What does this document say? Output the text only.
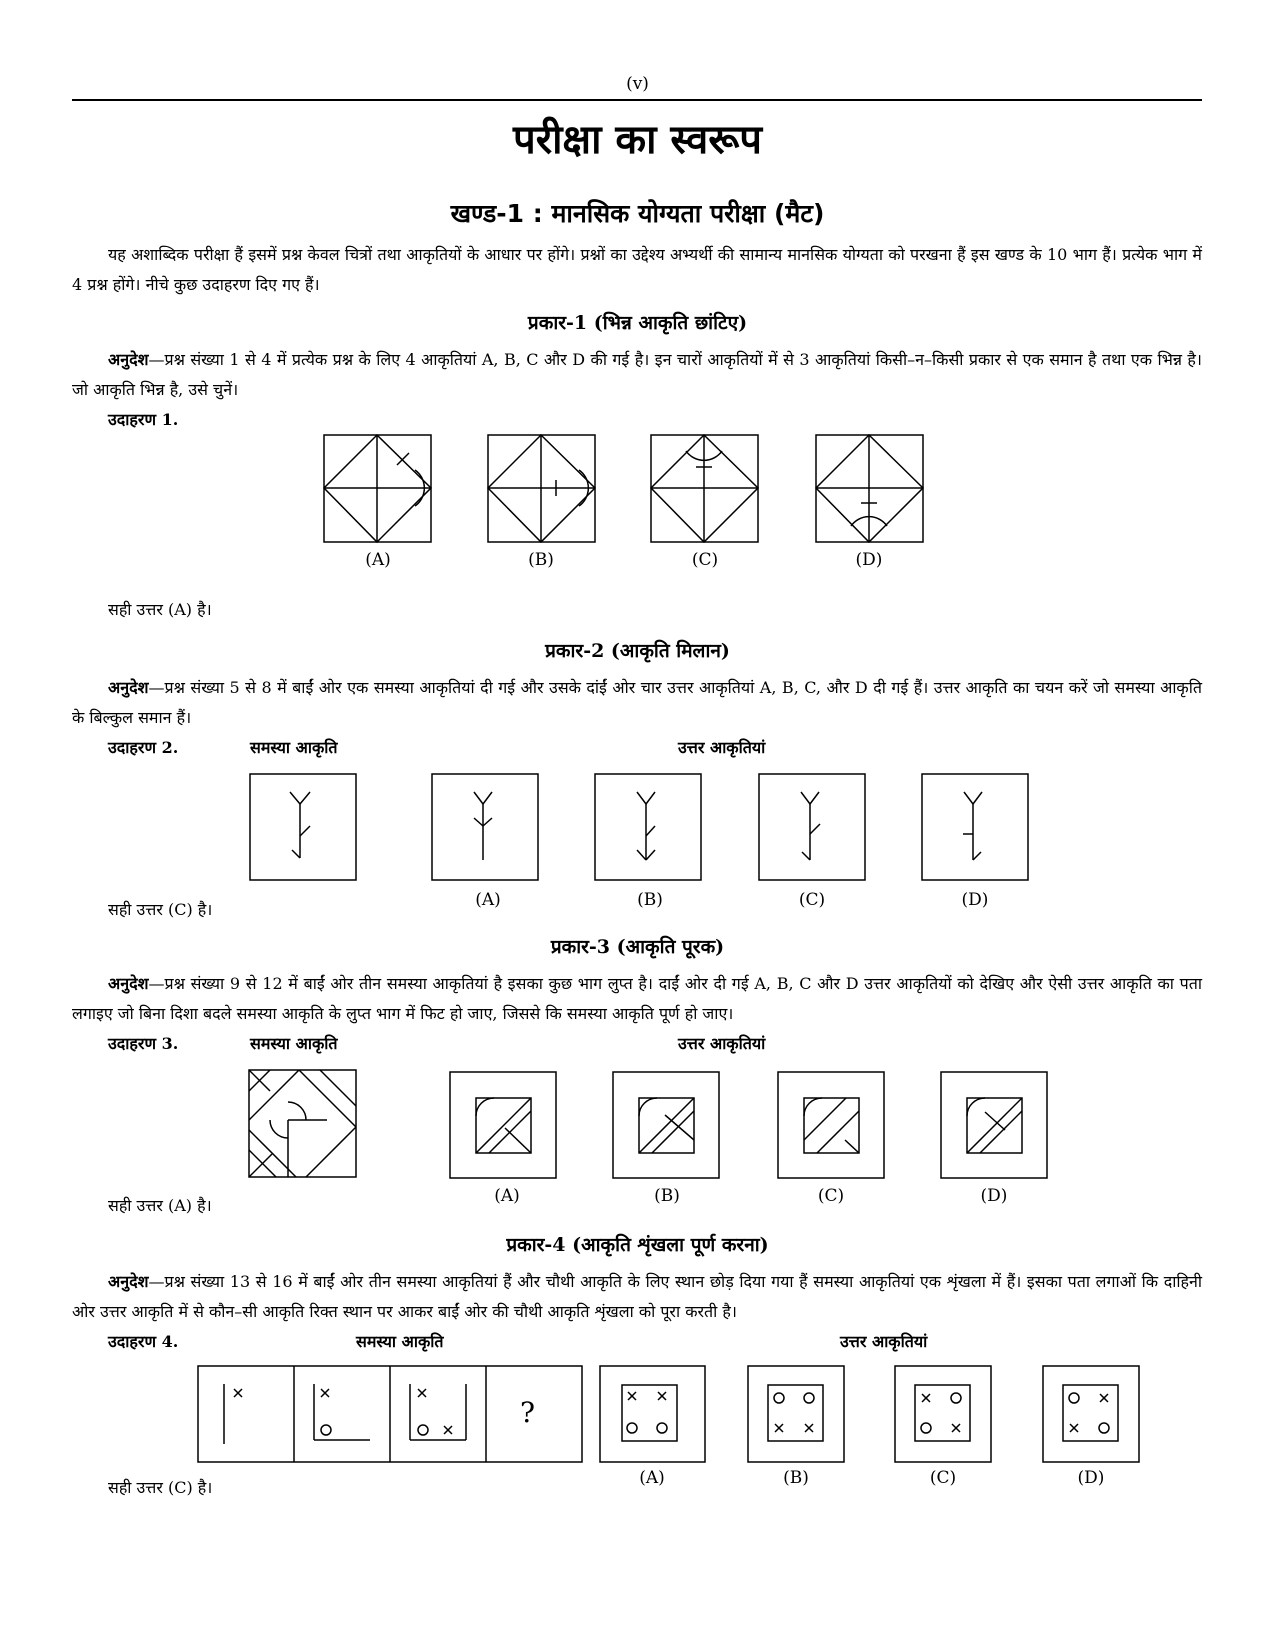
(v)
परीक्षा का स्वरूप
खण्ड-1 : मानसिक योग्यता परीक्षा (मैट)
यह अशाब्दिक परीक्षा हैं इसमें प्रश्न केवल चित्रों तथा आकृतियों के आधार पर होंगे। प्रश्नों का उद्देश्य अभ्यर्थी की सामान्य मानसिक योग्यता को परखना हैं इस खण्ड के 10 भाग हैं। प्रत्येक भाग में 4 प्रश्न होंगे। नीचे कुछ उदाहरण दिए गए हैं।
प्रकार-1 (भिन्न आकृति छांटिए)
अनुदेश—प्रश्न संख्या 1 से 4 में प्रत्येक प्रश्न के लिए 4 आकृतियां A, B, C और D की गई है। इन चारों आकृतियों में से 3 आकृतियां किसी–न–किसी प्रकार से एक समान है तथा एक भिन्न है। जो आकृति भिन्न है, उसे चुनें।
उदाहरण 1.
(A)	(B)	(C)	(D)
सही उत्तर (A) है।
प्रकार-2 (आकृति मिलान)
अनुदेश—प्रश्न संख्या 5 से 8 में बाईं ओर एक समस्या आकृतियां दी गई और उसके दांईं ओर चार उत्तर आकृतियां A, B, C, और D दी गई हैं। उत्तर आकृति का चयन करें जो समस्या आकृति के बिल्कुल समान हैं।
उदाहरण 2.	समस्या आकृति	उत्तर आकृतियां
(A)	(B)	(C)	(D)
सही उत्तर (C) है।
प्रकार-3 (आकृति पूरक)
अनुदेश—प्रश्न संख्या 9 से 12 में बाईं ओर तीन समस्या आकृतियां है इसका कुछ भाग लुप्त है। दाईं ओर दी गई A, B, C और D उत्तर आकृतियों को देखिए और ऐसी उत्तर आकृति का पता लगाइए जो बिना दिशा बदले समस्या आकृति के लुप्त भाग में फिट हो जाए, जिससे कि समस्या आकृति पूर्ण हो जाए।
उदाहरण 3.	समस्या आकृति	उत्तर आकृतियां
(A)	(B)	(C)	(D)
सही उत्तर (A) है।
प्रकार-4 (आकृति शृंखला पूर्ण करना)
अनुदेश—प्रश्न संख्या 13 से 16 में बाईं ओर तीन समस्या आकृतियां हैं और चौथी आकृति के लिए स्थान छोड़ दिया गया हैं समस्या आकृतियां एक शृंखला में हैं। इसका पता लगाओं कि दाहिनी ओर उत्तर आकृति में से कौन–सी आकृति रिक्त स्थान पर आकर बाईं ओर की चौथी आकृति शृंखला को पूरा करती है।
उदाहरण 4.	समस्या आकृति	उत्तर आकृतियां
?
(A)	(B)	(C)	(D)
सही उत्तर (C) है।
